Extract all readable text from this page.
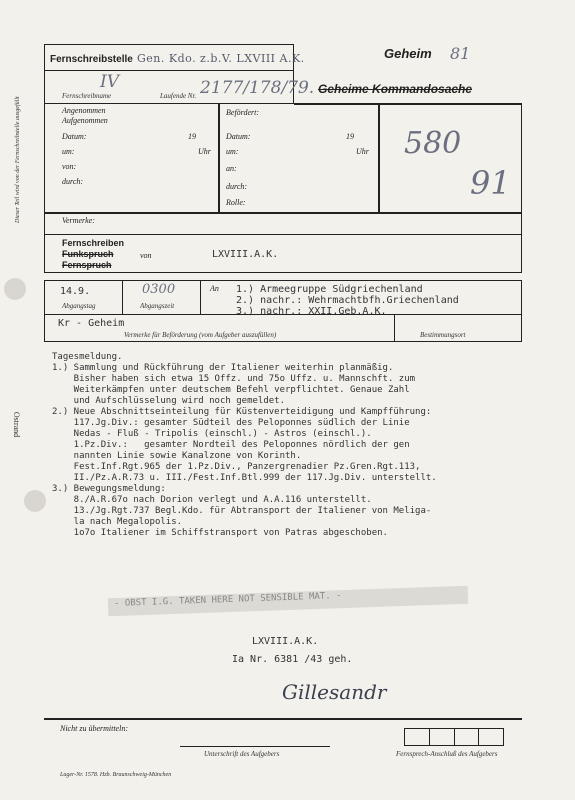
Dieser Teil wird von der Fernschreibstelle ausgefüllt
Ostrand
Fernschreibstelle Gen. Kdo. z.b.V. LXVIII A.K.
Fernschreibname
IV
Laufende Nr. 2177/178/79.
Geheim 81
Geheime Kommandosache
Angenommen
Aufgenommen
Datum:	19
um:	Uhr
von:
durch:
Befördert:
Datum:	19
um:	Uhr
an:
durch:
Rolle:
580
91
Vermerke:
Fernschreiben
Funkspruch
Fernspruch
von	LXVIII.A.K.
14.9.
Abgangstag
0300
Abgangszeit
An 1.) Armeegruppe Südgriechenland
2.) nachr.: Wehrmachtbfh.Griechenland
3.) nachr.: XXII.Geb.A.K.
Kr - Geheim
Vermerke für Beförderung (vom Aufgeber auszufüllen)	Bestimmungsort
Tagesmeldung.
1.) Sammlung und Rückführung der Italiener weiterhin planmäßig.
Bisher haben sich etwa 15 Offz. und 75o Uffz. u. Mannschft. zum
Weiterkämpfen unter deutschem Befehl verpflichtet. Genaue Zahl
und Aufschlüsselung wird noch gemeldet.
2.) Neue Abschnittseinteilung für Küstenverteidigung und Kampfführung:
117.Jg.Div.: gesamter Südteil des Peloponnes südlich der Linie
Nedas - Fluß - Tripolis (einschl.) - Astros (einschl.).
1.Pz.Div.:   gesamter Nordteil des Peloponnes nördlich der gen
nannten Linie sowie Kanalzone von Korinth.
Fest.Inf.Rgt.965 der 1.Pz.Div., Panzergrenadier Pz.Gren.Rgt.113,
II./Pz.A.R.73 u. III./Fest.Inf.Btl.999 der 117.Jg.Div. unterstellt.
3.) Bewegungsmeldung:
8./A.R.67o nach Dorion verlegt und A.A.116 unterstellt.
13./Jg.Rgt.737 Begl.Kdo. für Abtransport der Italiener von Meliga-
la nach Megalopolis.
1o7o Italiener im Schiffstransport von Patras abgeschoben.
- OBST I.G. TAKEN HERE NOT SENSIBLE MAT. -
LXVIII.A.K.
Ia Nr. 6381 /43 geh.
Gillesandr
Nicht zu übermitteln:
Unterschrift des Aufgebers	Fernsprech-Anschluß des Aufgebers
Lager-Nr. 1578. Hzb. Braunschweig-München
